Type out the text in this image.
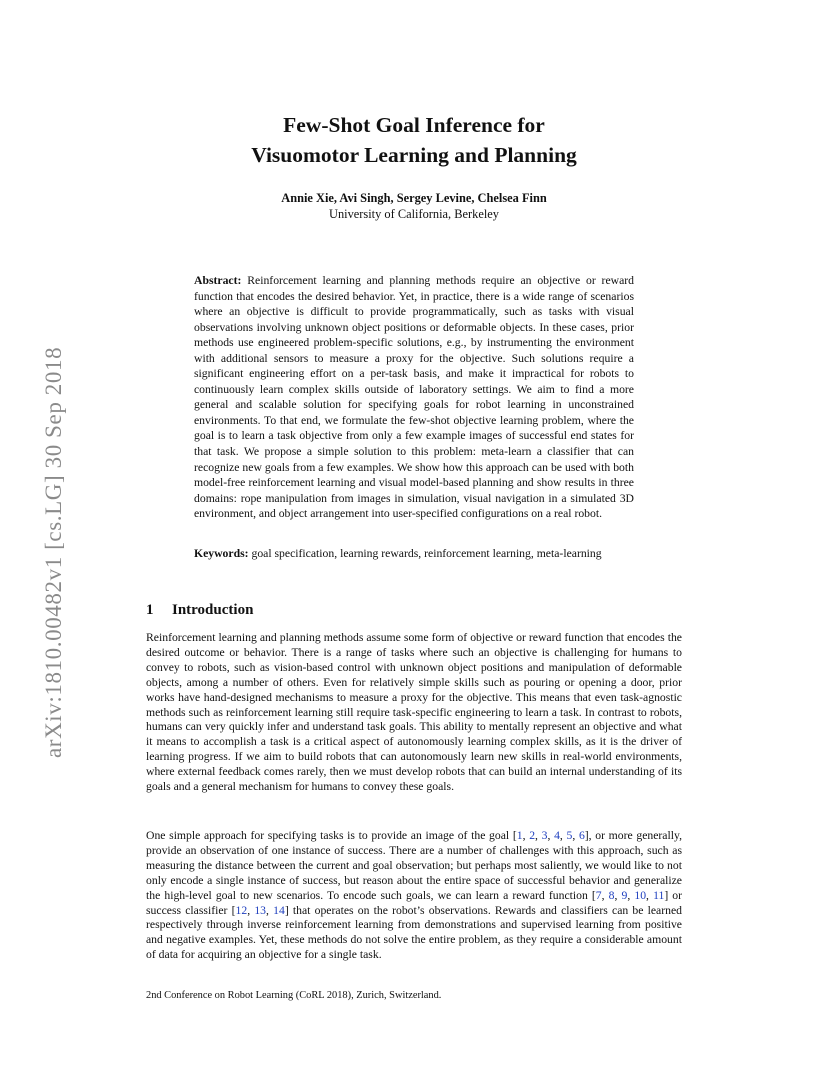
arXiv:1810.00482v1 [cs.LG] 30 Sep 2018
Few-Shot Goal Inference for
Visuomotor Learning and Planning
Annie Xie, Avi Singh, Sergey Levine, Chelsea Finn
University of California, Berkeley
Abstract: Reinforcement learning and planning methods require an objective or reward function that encodes the desired behavior. Yet, in practice, there is a wide range of scenarios where an objective is difficult to provide programmatically, such as tasks with visual observations involving unknown object positions or deformable objects. In these cases, prior methods use engineered problem-specific solutions, e.g., by instrumenting the environment with additional sensors to measure a proxy for the objective. Such solutions require a significant engineering effort on a per-task basis, and make it impractical for robots to continuously learn complex skills outside of laboratory settings. We aim to find a more general and scalable solution for specifying goals for robot learning in unconstrained environments. To that end, we formulate the few-shot objective learning problem, where the goal is to learn a task objective from only a few example images of successful end states for that task. We propose a simple solution to this problem: meta-learn a classifier that can recognize new goals from a few examples. We show how this approach can be used with both model-free reinforcement learning and visual model-based planning and show results in three domains: rope manipulation from images in simulation, visual navigation in a simulated 3D environment, and object arrangement into user-specified configurations on a real robot.
Keywords: goal specification, learning rewards, reinforcement learning, meta-learning
1 Introduction
Reinforcement learning and planning methods assume some form of objective or reward function that encodes the desired outcome or behavior. There is a range of tasks where such an objective is challenging for humans to convey to robots, such as vision-based control with unknown object positions and manipulation of deformable objects, among a number of others. Even for relatively simple skills such as pouring or opening a door, prior works have hand-designed mechanisms to measure a proxy for the objective. This means that even task-agnostic methods such as reinforcement learning still require task-specific engineering to learn a task. In contrast to robots, humans can very quickly infer and understand task goals. This ability to mentally represent an objective and what it means to accomplish a task is a critical aspect of autonomously learning complex skills, as it is the driver of learning progress. If we aim to build robots that can autonomously learn new skills in real-world environments, where external feedback comes rarely, then we must develop robots that can build an internal understanding of its goals and a general mechanism for humans to convey these goals.
One simple approach for specifying tasks is to provide an image of the goal [1, 2, 3, 4, 5, 6], or more generally, provide an observation of one instance of success. There are a number of challenges with this approach, such as measuring the distance between the current and goal observation; but perhaps most saliently, we would like to not only encode a single instance of success, but reason about the entire space of successful behavior and generalize the high-level goal to new scenarios. To encode such goals, we can learn a reward function [7, 8, 9, 10, 11] or success classifier [12, 13, 14] that operates on the robot’s observations. Rewards and classifiers can be learned respectively through inverse reinforcement learning from demonstrations and supervised learning from positive and negative examples. Yet, these methods do not solve the entire problem, as they require a considerable amount of data for acquiring an objective for a single task.
2nd Conference on Robot Learning (CoRL 2018), Zurich, Switzerland.
